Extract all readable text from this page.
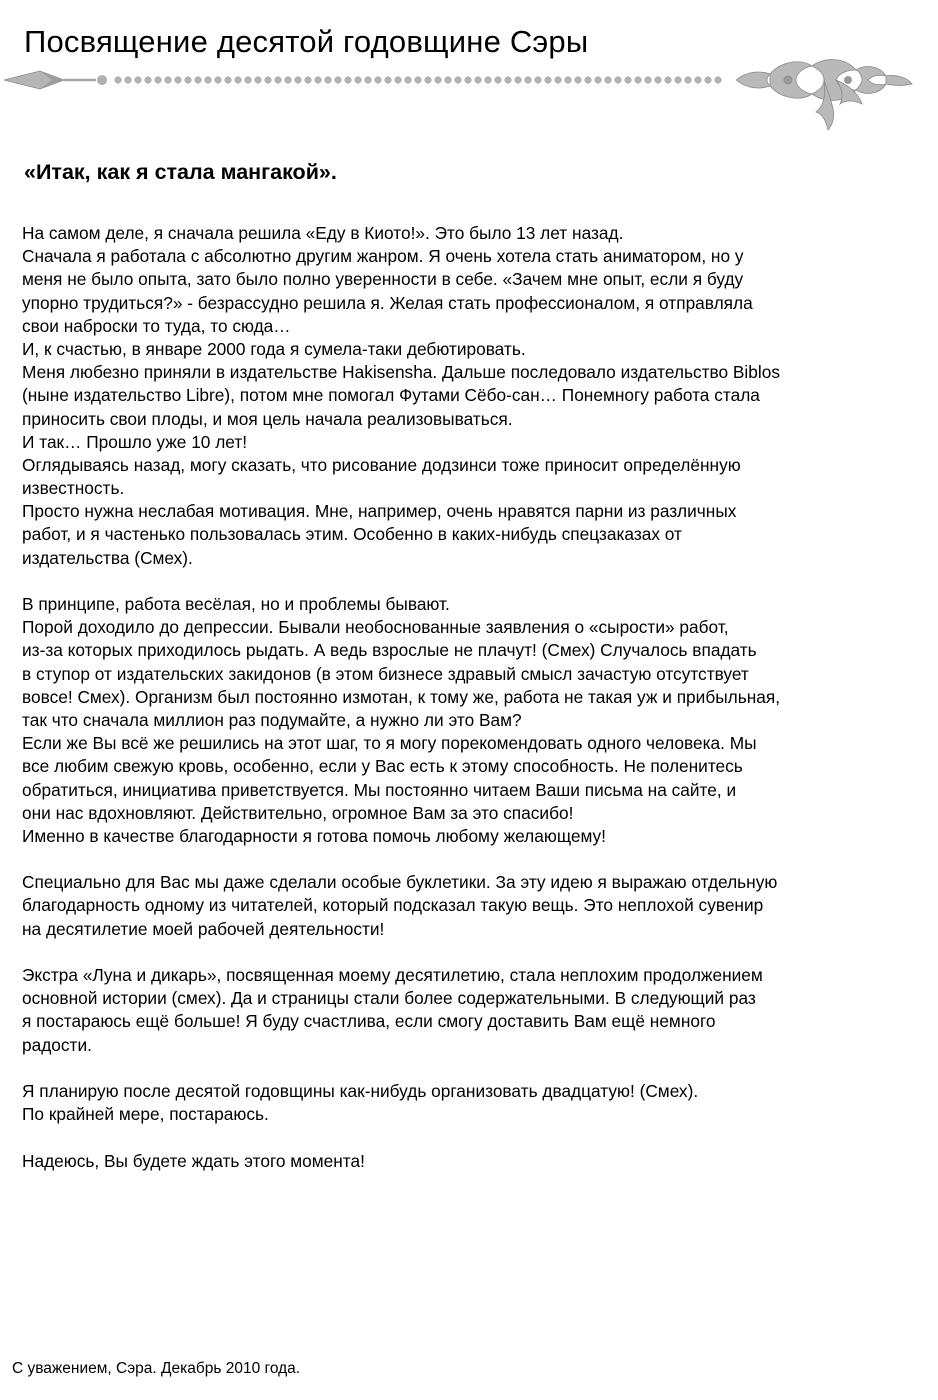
Посвящение десятой годовщине Сэры
«Итак, как я стала мангакой».
На самом деле, я сначала решила «Еду в Киото!». Это было 13 лет назад.
Сначала я работала с абсолютно другим жанром. Я очень хотела стать аниматором, но у
меня не было опыта, зато было полно уверенности в себе. «Зачем мне опыт, если я буду
упорно трудиться?» - безрассудно решила я. Желая стать профессионалом, я отправляла
свои наброски то туда, то сюда…
И, к счастью, в январе 2000 года я сумела-таки дебютировать.
Меня любезно приняли в издательстве Hakisensha. Дальше последовало издательство Biblos
(ныне издательство Libre), потом мне помогал Футами Сёбо-сан… Понемногу работа стала
приносить свои плоды, и моя цель начала реализовываться.
И так… Прошло уже 10 лет!
Оглядываясь назад, могу сказать, что рисование додзинси тоже приносит определённую
известность.
Просто нужна неслабая мотивация. Мне, например, очень нравятся парни из различных
работ, и я частенько пользовалась этим. Особенно в каких-нибудь спецзаказах от
издательства (Смех).
В принципе, работа весёлая, но и проблемы бывают.
Порой доходило до депрессии. Бывали необоснованные заявления о «сырости» работ,
из-за которых приходилось рыдать. А ведь взрослые не плачут! (Смех) Случалось впадать
в ступор от издательских закидонов (в этом бизнесе здравый смысл зачастую отсутствует
вовсе! Смех). Организм был постоянно измотан, к тому же, работа не такая уж и прибыльная,
так что сначала миллион раз подумайте, а нужно ли это Вам?
Если же Вы всё же решились на этот шаг, то я могу порекомендовать одного человека. Мы
все любим свежую кровь, особенно, если у Вас есть к этому способность. Не поленитесь
обратиться, инициатива приветствуется. Мы постоянно читаем Ваши письма на сайте, и
они нас вдохновляют. Действительно, огромное Вам за это спасибо!
Именно в качестве благодарности я готова помочь любому желающему!
Специально для Вас мы даже сделали особые буклетики. За эту идею я выражаю отдельную
благодарность одному из читателей, который подсказал такую вещь. Это неплохой сувенир
на десятилетие моей рабочей деятельности!
Экстра «Луна и дикарь», посвященная моему десятилетию, стала неплохим продолжением
основной истории (смех). Да и страницы стали более содержательными. В следующий раз
я постараюсь ещё больше! Я буду счастлива, если смогу доставить Вам ещё немного
радости.
Я планирую после десятой годовщины как-нибудь организовать двадцатую! (Смех).
По крайней мере, постараюсь.
Надеюсь, Вы будете ждать этого момента!
С уважением, Сэра. Декабрь 2010 года.
